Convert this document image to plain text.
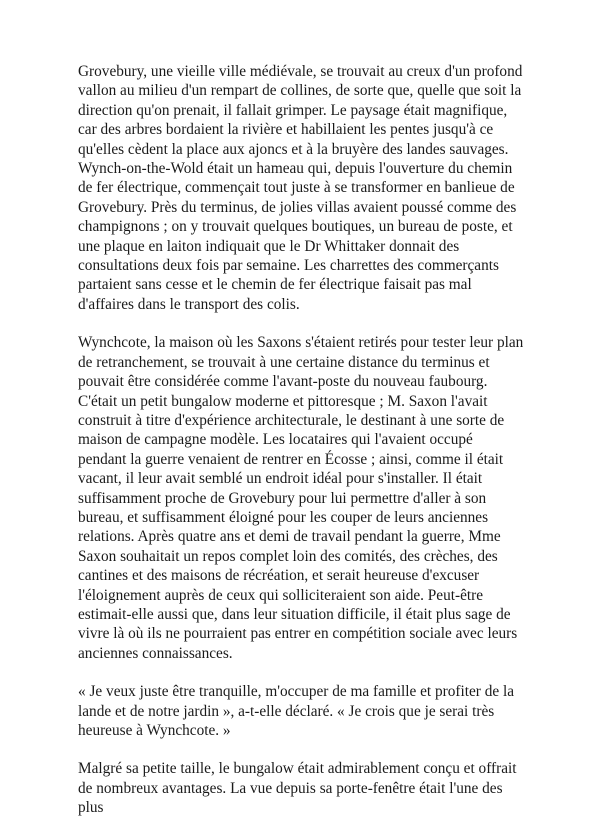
Grovebury, une vieille ville médiévale, se trouvait au creux d'un profond vallon au milieu d'un rempart de collines, de sorte que, quelle que soit la direction qu'on prenait, il fallait grimper. Le paysage était magnifique, car des arbres bordaient la rivière et habillaient les pentes jusqu'à ce qu'elles cèdent la place aux ajoncs et à la bruyère des landes sauvages. Wynch-on-the-Wold était un hameau qui, depuis l'ouverture du chemin de fer électrique, commençait tout juste à se transformer en banlieue de Grovebury. Près du terminus, de jolies villas avaient poussé comme des champignons ; on y trouvait quelques boutiques, un bureau de poste, et une plaque en laiton indiquait que le Dr Whittaker donnait des consultations deux fois par semaine. Les charrettes des commerçants partaient sans cesse et le chemin de fer électrique faisait pas mal d'affaires dans le transport des colis.

Wynchcote, la maison où les Saxons s'étaient retirés pour tester leur plan de retranchement, se trouvait à une certaine distance du terminus et pouvait être considérée comme l'avant-poste du nouveau faubourg. C'était un petit bungalow moderne et pittoresque ; M. Saxon l'avait construit à titre d'expérience architecturale, le destinant à une sorte de maison de campagne modèle. Les locataires qui l'avaient occupé pendant la guerre venaient de rentrer en Écosse ; ainsi, comme il était vacant, il leur avait semblé un endroit idéal pour s'installer. Il était suffisamment proche de Grovebury pour lui permettre d'aller à son bureau, et suffisamment éloigné pour les couper de leurs anciennes relations. Après quatre ans et demi de travail pendant la guerre, Mme Saxon souhaitait un repos complet loin des comités, des crèches, des cantines et des maisons de récréation, et serait heureuse d'excuser l'éloignement auprès de ceux qui solliciteraient son aide. Peut-être estimait-elle aussi que, dans leur situation difficile, il était plus sage de vivre là où ils ne pourraient pas entrer en compétition sociale avec leurs anciennes connaissances.

« Je veux juste être tranquille, m'occuper de ma famille et profiter de la lande et de notre jardin », a-t-elle déclaré. « Je crois que je serai très heureuse à Wynchcote. »

Malgré sa petite taille, le bungalow était admirablement conçu et offrait de nombreux avantages. La vue depuis sa porte-fenêtre était l'une des plus
